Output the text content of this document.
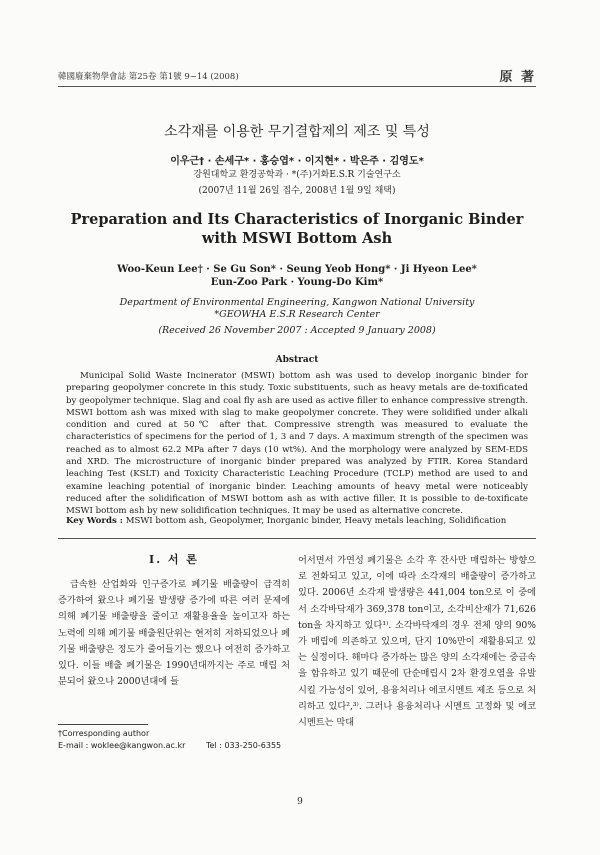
韓國廢棄物學會誌 第25卷 第1號 9~14 (2008)	原 著
소각재를 이용한 무기결합제의 제조 및 특성
이우근† · 손세구* · 홍승엽* · 이지현* · 박은주 · 김영도*
강원대학교 환경공학과 · *(주)거화E.S.R 기술연구소
(2007년 11월 26일 접수, 2008년 1월 9일 채택)
Preparation and Its Characteristics of Inorganic Binder
with MSWI Bottom Ash
Woo-Keun Lee† · Se Gu Son* · Seung Yeob Hong* · Ji Hyeon Lee*
Eun-Zoo Park · Young-Do Kim*
Department of Environmental Engineering, Kangwon National University
*GEOWHA E.S.R Research Center
(Received 26 November 2007 : Accepted 9 January 2008)
Abstract

Municipal Solid Waste Incinerator (MSWI) bottom ash was used to develop inorganic binder for preparing geopolymer concrete in this study. Toxic substituents, such as heavy metals are de-toxificated by geopolymer technique. Slag and coal fly ash are used as active filler to enhance compressive strength. MSWI bottom ash was mixed with slag to make geopolymer concrete. They were solidified under alkali condition and cured at 50℃ after that. Compressive strength was measured to evaluate the characteristics of specimens for the period of 1, 3 and 7 days. A maximum strength of the specimen was reached as to almost 62.2 MPa after 7 days (10 wt%). And the morphology were analyzed by SEM-EDS and XRD. The microstructure of inorganic binder prepared was analyzed by FTIR. Korea Standard leaching Test (KSLT) and Toxicity Characteristic Leaching Procedure (TCLP) method are used to and examine leaching potential of inorganic binder. Leaching amounts of heavy metal were noticeably reduced after the solidification of MSWI bottom ash as with active filler. It is possible to de-toxificate MSWI bottom ash by new solidification techniques. It may be used as alternative concrete.

Key Words : MSWI bottom ash, Geopolymer, Inorganic binder, Heavy metals leaching, Solidification
I. 서 론

급속한 산업화와 인구증가로 폐기물 배출량이 급격히 증가하여 왔으나 폐기물 발생량 증가에 따른 여러 문제에 의해 폐기물 배출량을 줄이고 재활용율을 높이고자 하는 노력에 의해 폐기물 배출원단위는 현저히 저하되었으나 폐기물 배출량은 정도가 줄어들기는 했으나 여전히 증가하고 있다. 이들 배출 폐기물은 1990년대까지는 주로 매립 처분되어 왔으나 2000년대에 들

어서면서 가연성 폐기물은 소각 후 잔사만 매립하는 방향으로 전화되고 있고, 이에 따라 소각재의 배출량이 증가하고 있다. 2006년 소각재 발생량은 441,004 ton으로 이 중에서 소각바닥재가 369,378 ton이고, 소각비산재가 71,626 ton을 차지하고 있다¹⁾. 소각바닥재의 경우 전체 양의 90%가 매립에 의존하고 있으며, 단지 10%만이 재활용되고 있는 실정이다. 해마다 증가하는 많은 양의 소각재에는 중금속을 함유하고 있기 때문에 단순매립시 2차 환경오염을 유발시킬 가능성이 있어, 용융처리나 에코시멘트 제조 등으로 처리하고 있다²,³⁾. 그러나 용융처리나 시멘트 고정화 및 에코시멘트는 막대

†Corresponding author
E-mail : woklee@kangwon.ac.kr	Tel : 033-250-6355
9
